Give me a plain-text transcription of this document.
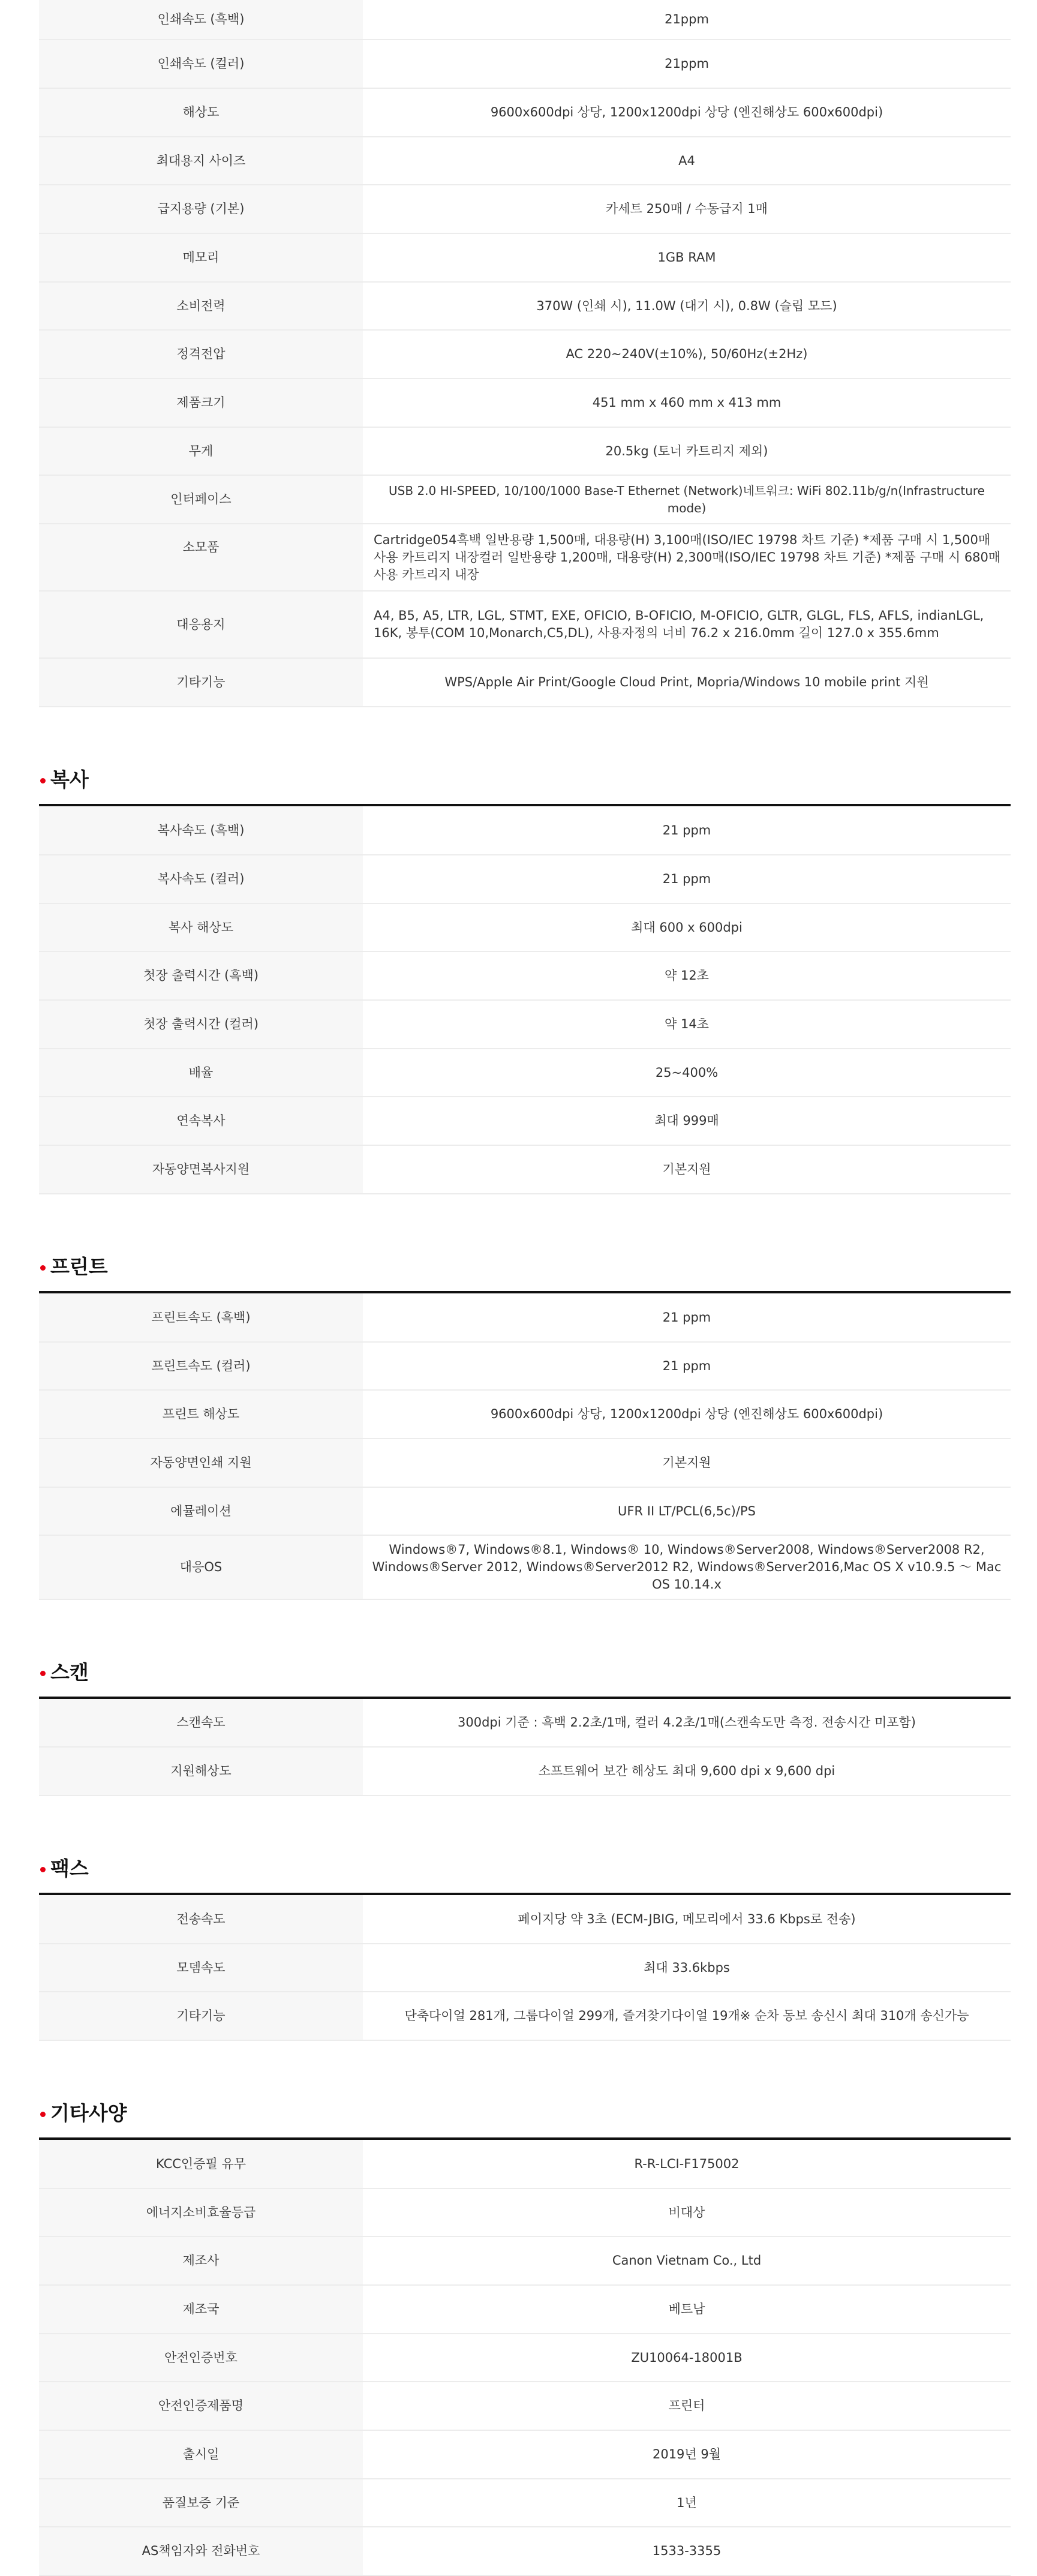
인쇄속도 (흑백)	21ppm
인쇄속도 (컬러)	21ppm
해상도	9600x600dpi 상당, 1200x1200dpi 상당 (엔진해상도 600x600dpi)
최대용지 사이즈	A4
급지용량 (기본)	카세트 250매 / 수동급지 1매
메모리	1GB RAM
소비전력	370W (인쇄 시), 11.0W (대기 시), 0.8W (슬립 모드)
정격전압	AC 220~240V(±10%), 50/60Hz(±2Hz)
제품크기	451 mm x 460 mm x 413 mm
무게	20.5kg (토너 카트리지 제외)
인터페이스	USB 2.0 HI-SPEED, 10/100/1000 Base-T Ethernet (Network)네트워크: WiFi 802.11b/g/n(Infrastructure mode)
소모품	Cartridge054흑백 일반용량 1,500매, 대용량(H) 3,100매(ISO/IEC 19798 차트 기준) *제품 구매 시 1,500매 사용 카트리지 내장컬러 일반용량 1,200매, 대용량(H) 2,300매(ISO/IEC 19798 차트 기준) *제품 구매 시 680매 사용 카트리지 내장
대응용지	A4, B5, A5, LTR, LGL, STMT, EXE, OFICIO, B-OFICIO, M-OFICIO, GLTR, GLGL, FLS, AFLS, indianLGL, 16K, 봉투(COM 10,Monarch,C5,DL), 사용자정의 너비 76.2 x 216.0mm 길이 127.0 x 355.6mm
기타기능	WPS/Apple Air Print/Google Cloud Print, Mopria/Windows 10 mobile print 지원
복사
복사속도 (흑백)	21 ppm
복사속도 (컬러)	21 ppm
복사 해상도	최대 600 x 600dpi
첫장 출력시간 (흑백)	약 12초
첫장 출력시간 (컬러)	약 14초
배율	25~400%
연속복사	최대 999매
자동양면복사지원	기본지원
프린트
프린트속도 (흑백)	21 ppm
프린트속도 (컬러)	21 ppm
프린트 해상도	9600x600dpi 상당, 1200x1200dpi 상당 (엔진해상도 600x600dpi)
자동양면인쇄 지원	기본지원
에뮬레이션	UFR II LT/PCL(6,5c)/PS
대응OS	Windows®7, Windows®8.1, Windows® 10, Windows®Server2008, Windows®Server2008 R2, Windows®Server 2012, Windows®Server2012 R2, Windows®Server2016,Mac OS X v10.9.5 ～ Mac OS 10.14.x
스캔
스캔속도	300dpi 기준 : 흑백 2.2초/1매, 컬러 4.2초/1매(스캔속도만 측정. 전송시간 미포함)
지원해상도	소프트웨어 보간 해상도 최대 9,600 dpi x 9,600 dpi
팩스
전송속도	페이지당 약 3초 (ECM-JBIG, 메모리에서 33.6 Kbps로 전송)
모뎀속도	최대 33.6kbps
기타기능	단축다이얼 281개, 그룹다이얼 299개, 즐겨찾기다이얼 19개※ 순차 동보 송신시 최대 310개 송신가능
기타사양
KCC인증필 유무	R-R-LCI-F175002
에너지소비효율등급	비대상
제조사	Canon Vietnam Co., Ltd
제조국	베트남
안전인증번호	ZU10064-18001B
안전인증제품명	프린터
출시일	2019년 9월
품질보증 기준	1년
AS책임자와 전화번호	1533-3355
